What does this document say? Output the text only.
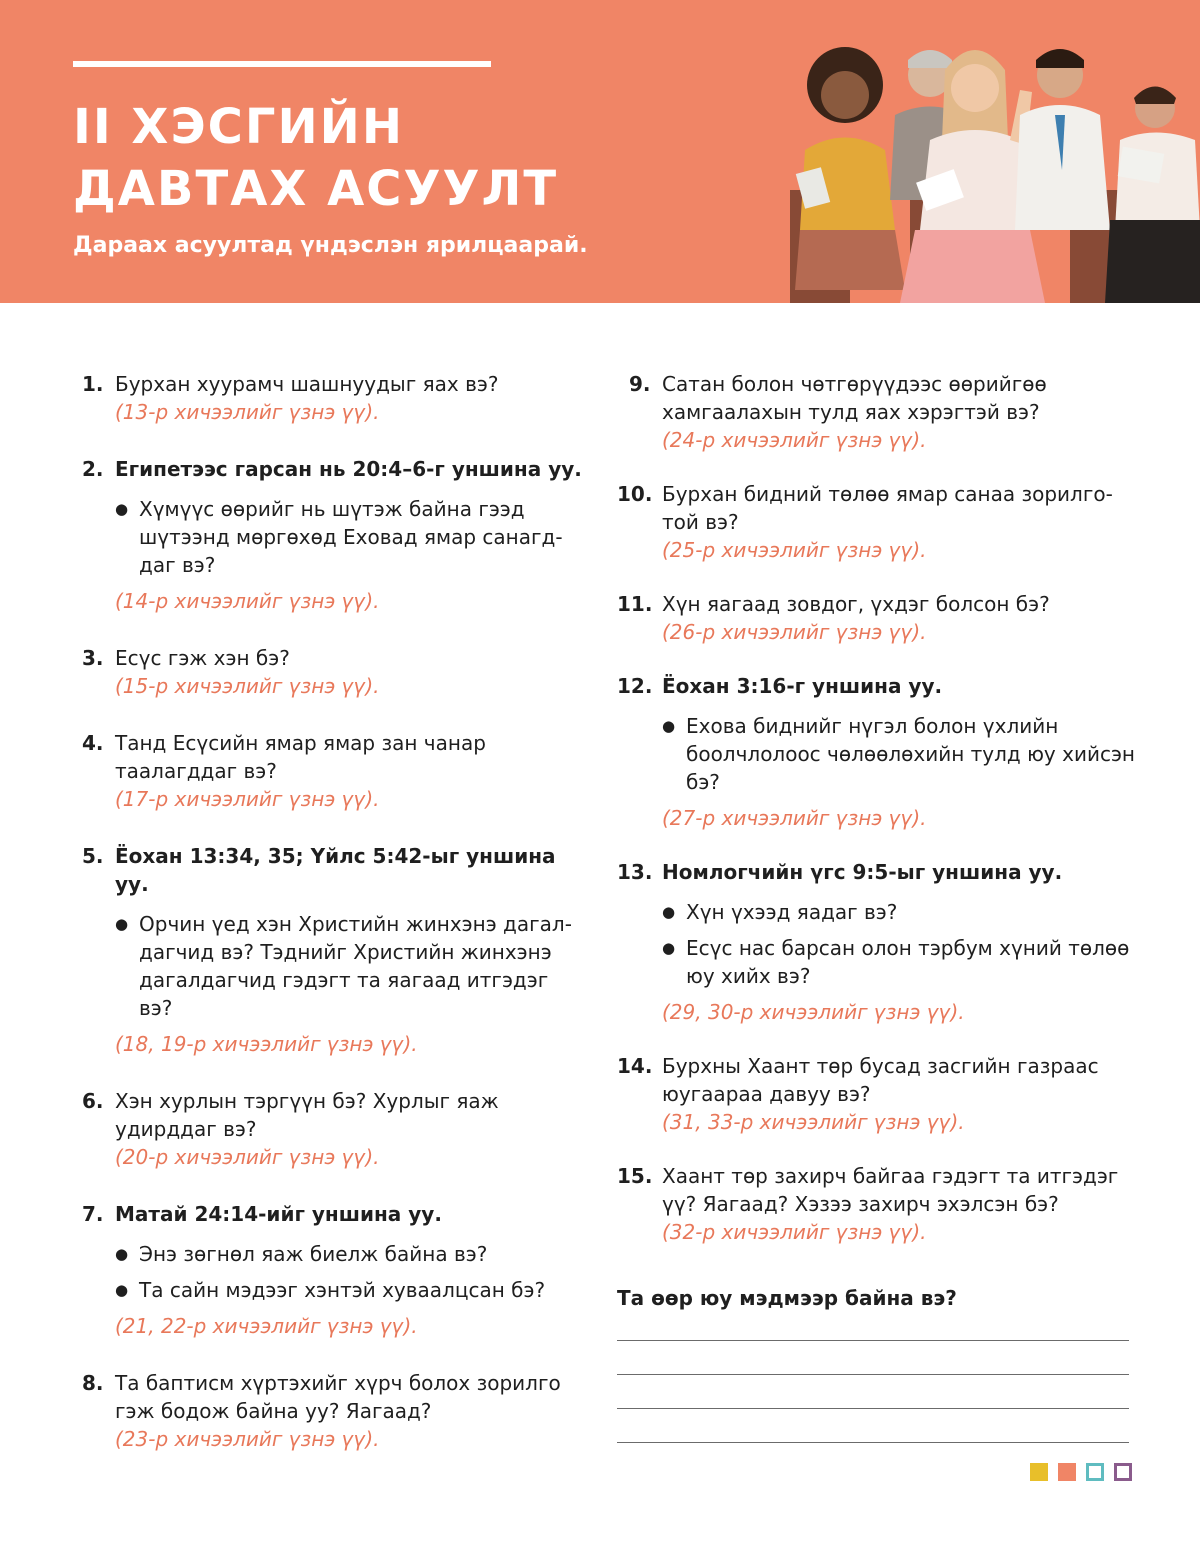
II ХЭСГИЙН
ДАВТАХ АСУУЛТ

Дараах асуултад үндэслэн ярилцаарай.

1. Бурхан хуурамч шашнуудыг яах вэ?
(13-р хичээлийг үзнэ үү).
2. Египетээс гарсан нь 20:4–6-г уншина уу.
● Хүмүүс өөрийг нь шүтэж байна гээд шүтээнд мөргөхөд Еховад ямар санагддаг вэ?
(14-р хичээлийг үзнэ үү).
3. Есүс гэж хэн бэ?
(15-р хичээлийг үзнэ үү).
4. Танд Есүсийн ямар ямар зан чанар таалагддаг вэ?
(17-р хичээлийг үзнэ үү).
5. Ёохан 13:34, 35; Үйлс 5:42-ыг уншина уу.
● Орчин үед хэн Христийн жинхэнэ дагалдагчид вэ? Тэднийг Христийн жинхэнэ дагалдагчид гэдэгт та яагаад итгэдэг вэ?
(18, 19-р хичээлийг үзнэ үү).
6. Хэн хурлын тэргүүн бэ? Хурлыг яаж удирддаг вэ?
(20-р хичээлийг үзнэ үү).
7. Матай 24:14-ийг уншина уу.
● Энэ зөгнөл яаж биелж байна вэ?
● Та сайн мэдээг хэнтэй хуваалцсан бэ?
(21, 22-р хичээлийг үзнэ үү).
8. Та баптисм хүртэхийг хүрч болох зорилго гэж бодож байна уу? Яагаад?
(23-р хичээлийг үзнэ үү).
9. Сатан болон чөтгөрүүдээс өөрийгөө хамгаалахын тулд яах хэрэгтэй вэ?
(24-р хичээлийг үзнэ үү).
10. Бурхан бидний төлөө ямар санаа зорилготой вэ?
(25-р хичээлийг үзнэ үү).
11. Хүн яагаад зовдог, үхдэг болсон бэ?
(26-р хичээлийг үзнэ үү).
12. Ёохан 3:16-г уншина уу.
● Ехова биднийг нүгэл болон үхлийн боолчлолоос чөлөөлөхийн тулд юу хийсэн бэ?
(27-р хичээлийг үзнэ үү).
13. Номлогчийн үгс 9:5-ыг уншина уу.
● Хүн үхээд яадаг вэ?
● Есүс нас барсан олон тэрбум хүний төлөө юу хийх вэ?
(29, 30-р хичээлийг үзнэ үү).
14. Бурхны Хаант төр бусад засгийн газраас юугаараа давуу вэ?
(31, 33-р хичээлийг үзнэ үү).
15. Хаант төр захирч байгаа гэдэгт та итгэдэг үү? Яагаад? Хэзээ захирч эхэлсэн бэ?
(32-р хичээлийг үзнэ үү).
Та өөр юу мэдмээр байна вэ?
